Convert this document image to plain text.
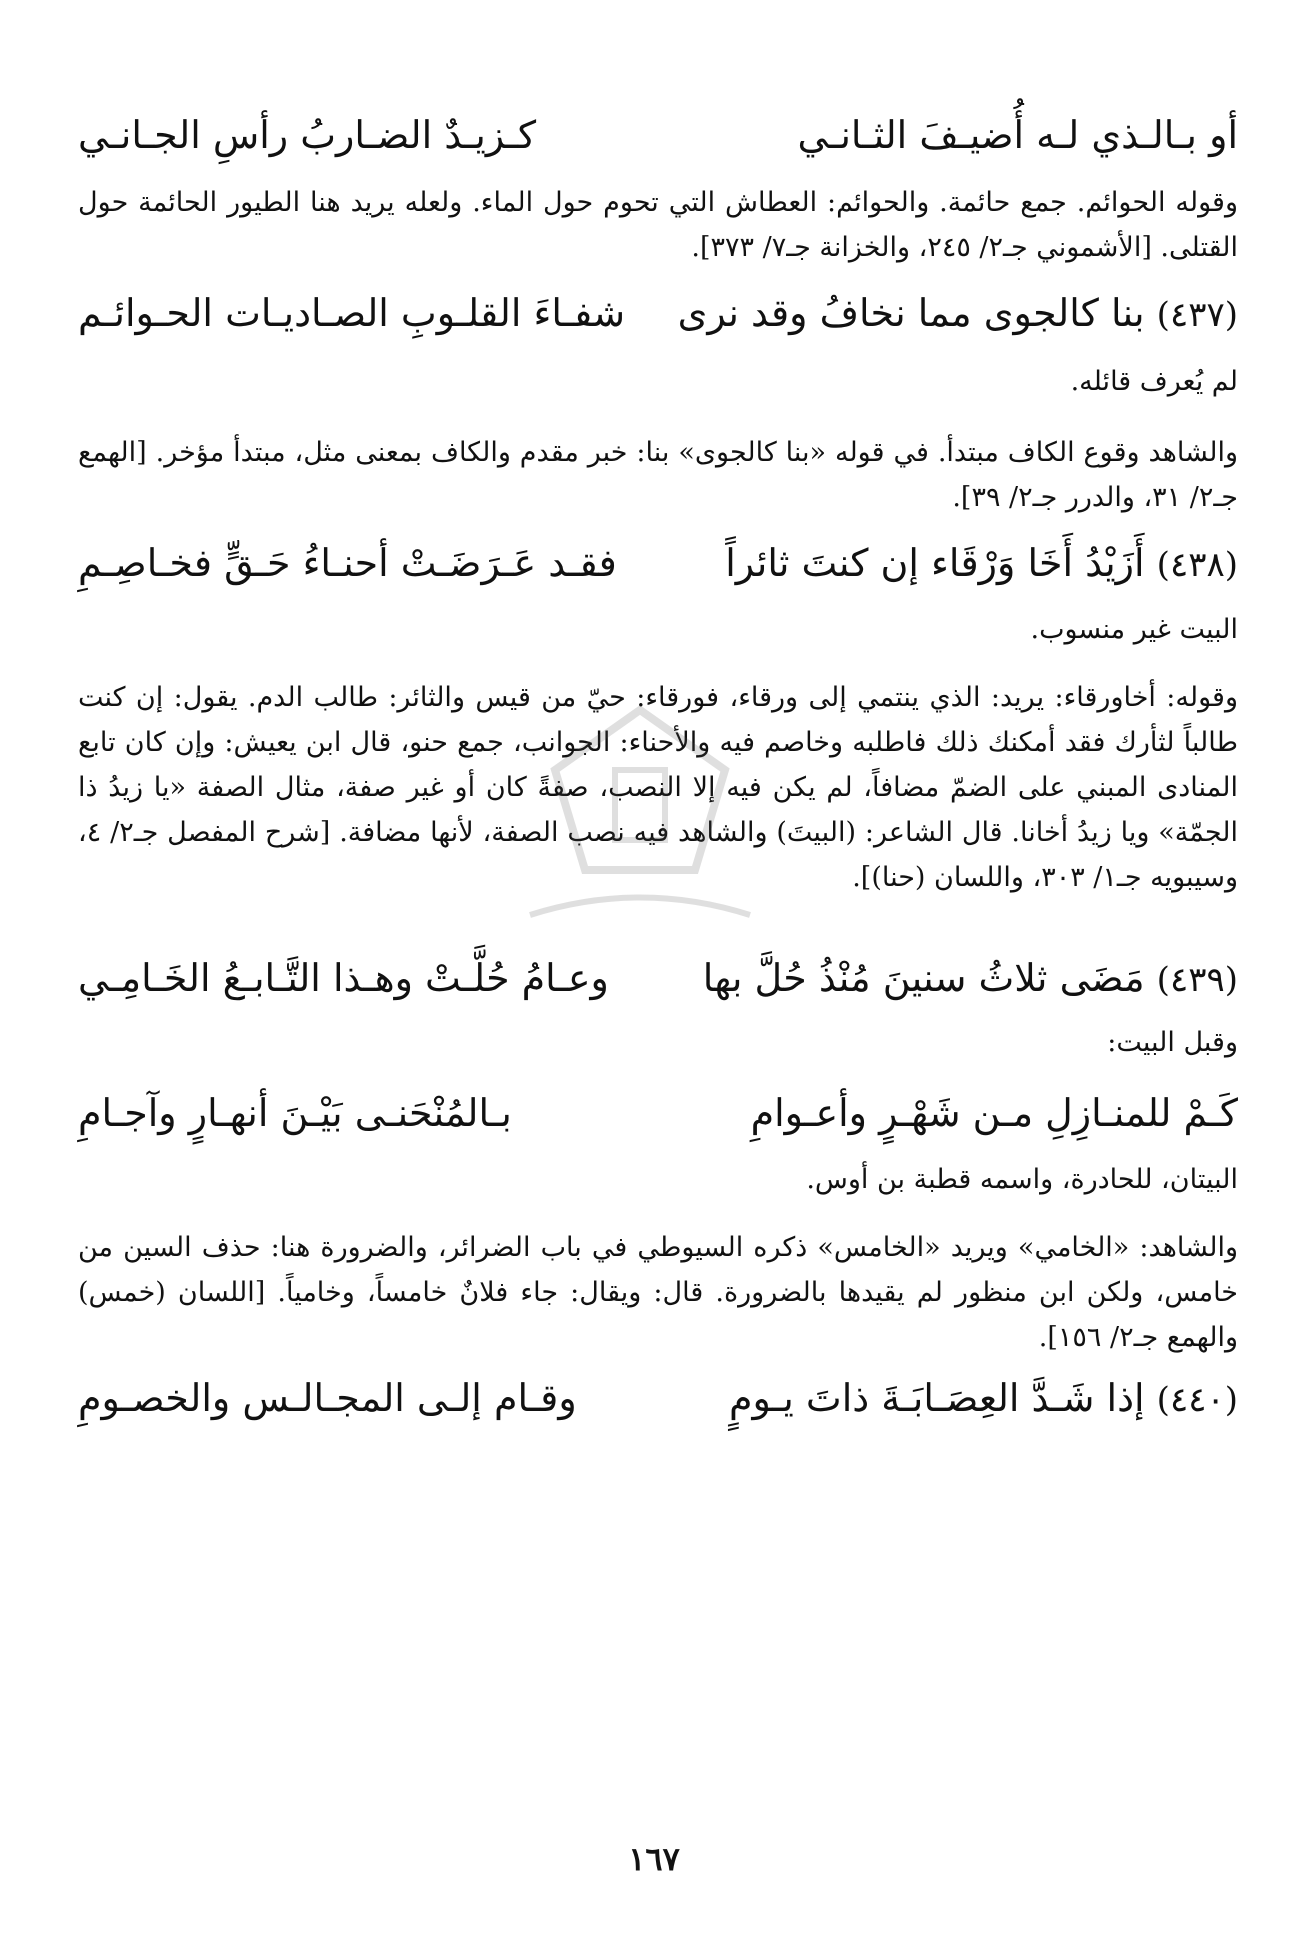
أو بـالـذي لـه أُضيـفَ الثـانـي
كـزيـدٌ الضـاربُ رأسِ الجـانـي
وقوله الحوائم. جمع حائمة. والحوائم: العطاش التي تحوم حول الماء. ولعله يريد هنا الطيور الحائمة حول القتلى. [الأشموني جـ٢/ ٢٤٥، والخزانة جـ٧/ ٣٧٣].
(٤٣٧) بنا كالجوى مما نخافُ وقد نرى
شفـاءَ القلـوبِ الصـاديـات الحـوائـم
لم يُعرف قائله.
والشاهد وقوع الكاف مبتدأ. في قوله «بنا كالجوى» بنا: خبر مقدم والكاف بمعنى مثل، مبتدأ مؤخر. [الهمع جـ٢/ ٣١، والدرر جـ٢/ ٣٩].
(٤٣٨) أَزَيْدُ أَخَا وَرْقَاء إن كنتَ ثائراً
فقـد عَـرَضَـتْ أحنـاءُ حَـقٍّ فخـاصِـمِ
البيت غير منسوب.
وقوله: أخاورقاء: يريد: الذي ينتمي إلى ورقاء، فورقاء: حيّ من قيس والثائر: طالب الدم. يقول: إن كنت طالباً لثأرك فقد أمكنك ذلك فاطلبه وخاصم فيه والأحناء: الجوانب، جمع حنو، قال ابن يعيش: وإن كان تابع المنادى المبني على الضمّ مضافاً، لم يكن فيه إلا النصب، صفةً كان أو غير صفة، مثال الصفة «يا زيدُ ذا الجمّة» ويا زيدُ أخانا. قال الشاعر: (البيتَ) والشاهد فيه نصب الصفة، لأنها مضافة. [شرح المفصل جـ٢/ ٤، وسيبويه جـ١/ ٣٠٣، واللسان (حنا)].
(٤٣٩) مَضَى ثلاثُ سنينَ مُنْذُ حُلَّ بها
وعـامُ حُلَّـتْ وهـذا التَّـابـعُ الخَـامِـي
وقبل البيت:
كَـمْ للمنـازِلِ مـن شَهْـرٍ وأعـوامِ
بـالمُنْحَنـى بَيْـنَ أنهـارٍ وآجـامِ
البيتان، للحادرة، واسمه قطبة بن أوس.
والشاهد: «الخامي» ويريد «الخامس» ذكره السيوطي في باب الضرائر، والضرورة هنا: حذف السين من خامس، ولكن ابن منظور لم يقيدها بالضرورة. قال: ويقال: جاء فلانٌ خامساً، وخامياً. [اللسان (خمس) والهمع جـ٢/ ١٥٦].
(٤٤٠) إذا شَـدَّ العِصَـابَـةَ ذاتَ يـومٍ
وقـام إلـى المجـالـس والخصـومِ
١٦٧
